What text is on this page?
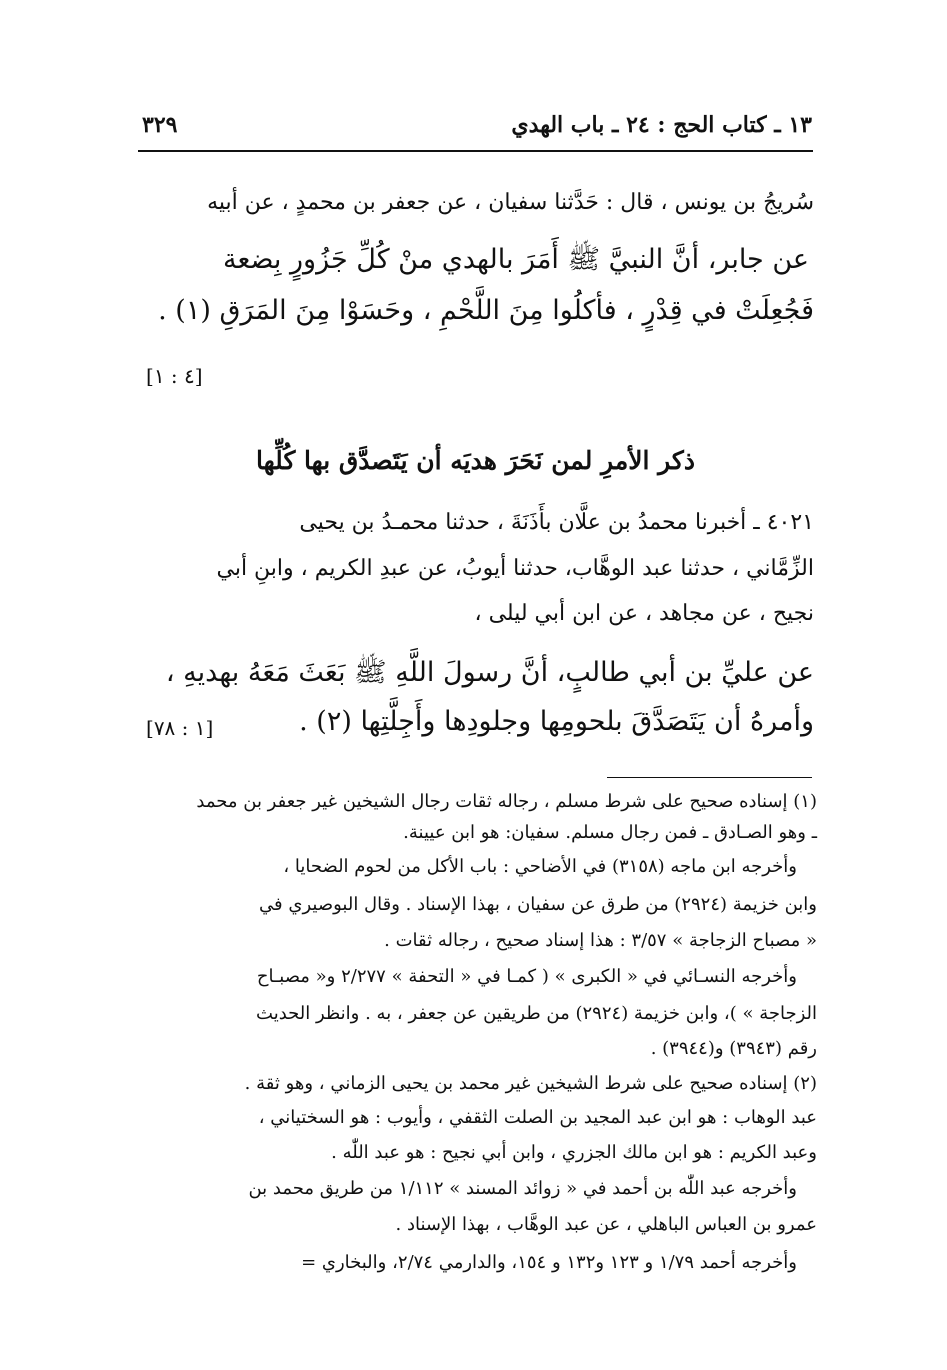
١٣ ـ كتاب الحج : ٢٤ ـ باب الهدي
٣٢٩
سُريجُ بن يونس ، قال : حَدَّثنا سفيان ، عن جعفر بن محمدٍ ، عن أبيه
عن جابر، أنَّ النبيَّ ﷺ أَمَرَ بالهدي منْ كُلِّ جَزُورٍ بِضعة
فَجُعِلَتْ في قِدْرٍ ، فأكلُوا مِنَ اللَّحْمِ ، وحَسَوْا مِنَ المَرَقِ (١) .
[٤ : ١]
ذكر الأمرِ لمن نَحَرَ هديَه أن يَتَصدَّق بها كُلِّها
٤٠٢١ ـ أخبرنا محمدُ بن علَّان بأَذَنَةَ ، حدثنا محمـدُ بن يحيى
الزِّمَّاني ، حدثنا عبد الوهَّاب، حدثنا أيوبُ، عن عبدِ الكريم ، وابنِ أبي
نجيح ، عن مجاهد ، عن ابن أبي ليلى ،
عن عليِّ بن أبي طالبٍ، أنَّ رسولَ اللَّهِ ﷺ بَعَثَ مَعَهُ بهديهِ ،
وأمرهُ أن يَتَصَدَّقَ بلحومِها وجلودِها وأَجِلَّتِها (٢) .
[١ : ٧٨]
(١) إسناده صحيح على شرط مسلم ، رجاله ثقات رجال الشيخين غير جعفر بن محمد
ـ وهو الصـادق ـ فمن رجال مسلم. سفيان: هو ابن عيينة.
وأخرجه ابن ماجه (٣١٥٨) في الأضاحي : باب الأكل من لحوم الضحايا ،
وابن خزيمة (٢٩٢٤) من طرق عن سفيان ، بهذا الإسناد . وقال البوصيري في
« مصباح الزجاجة » ٣/٥٧ : هذا إسناد صحيح ، رجاله ثقات .
وأخرجه النسـائي في « الكبرى » ( كمـا في « التحفة » ٢/٢٧٧ و« مصبـاح
الزجاجة » )، وابن خزيمة (٢٩٢٤) من طريقين عن جعفر ، به . وانظر الحديث
رقم (٣٩٤٣) و(٣٩٤٤) .
(٢) إسناده صحيح على شرط الشيخين غير محمد بن يحيى الزماني ، وهو ثقة .
عبد الوهاب : هو ابن عبد المجيد بن الصلت الثقفي ، وأيوب : هو السختياني ،
وعبد الكريم : هو ابن مالك الجزري ، وابن أبي نجيح : هو عبد اللّٰه .
وأخرجه عبد اللّٰه بن أحمد في « زوائد المسند » ١/١١٢ من طريق محمد بن
عمرو بن العباس الباهلي ، عن عبد الوهَّاب ، بهذا الإسناد .
وأخرجه أحمد ١/٧٩ و ١٢٣ و١٣٢ و ١٥٤، والدارمي ٢/٧٤، والبخاري =
